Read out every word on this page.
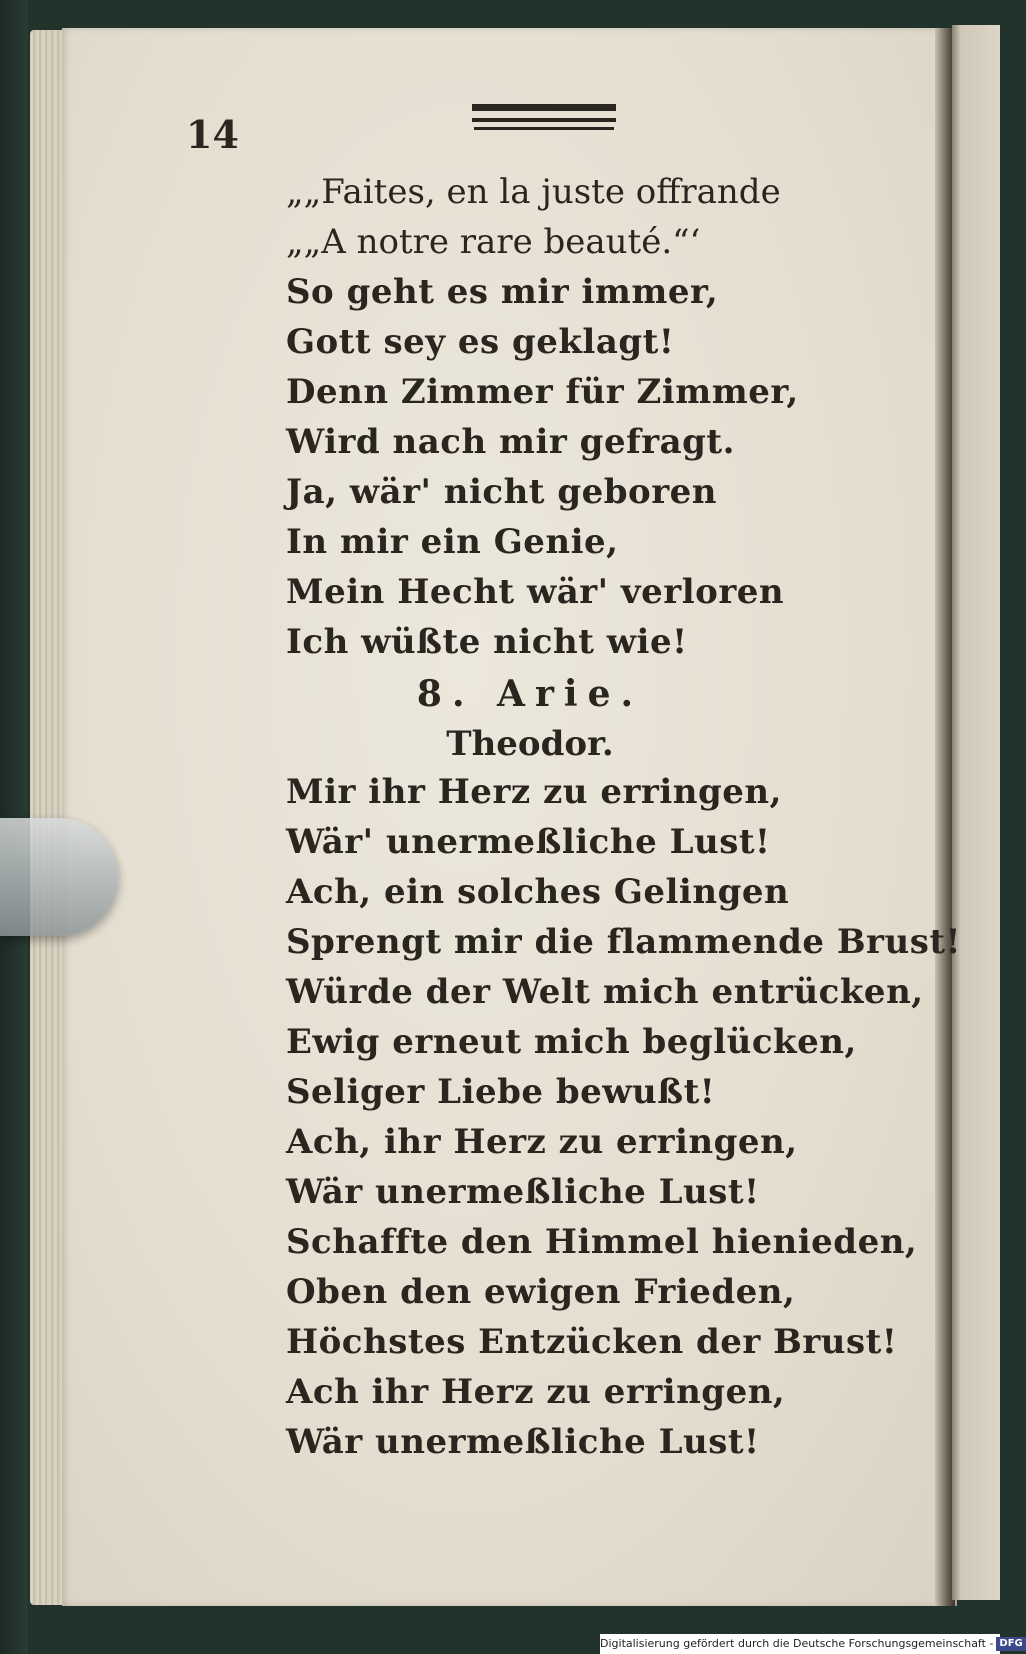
14
„„Faites, en la juste offrande
„„A notre rare beauté.“‘
So geht es mir immer,
Gott sey es geklagt!
Denn Zimmer für Zimmer,
Wird nach mir gefragt.
Ja, wär' nicht geboren
In mir ein Genie,
Mein Hecht wär' verloren
Ich wüßte nicht wie!
8. Arie.
Theodor.
Mir ihr Herz zu erringen,
Wär' unermeßliche Lust!
Ach, ein solches Gelingen
Sprengt mir die flammende Brust!
Würde der Welt mich entrücken,
Ewig erneut mich beglücken,
Seliger Liebe bewußt!
Ach, ihr Herz zu erringen,
Wär unermeßliche Lust!
Schaffte den Himmel hienieden,
Oben den ewigen Frieden,
Höchstes Entzücken der Brust!
Ach ihr Herz zu erringen,
Wär unermeßliche Lust!
Digitalisierung gefördert durch die Deutsche Forschungsgemeinschaft - DFG
